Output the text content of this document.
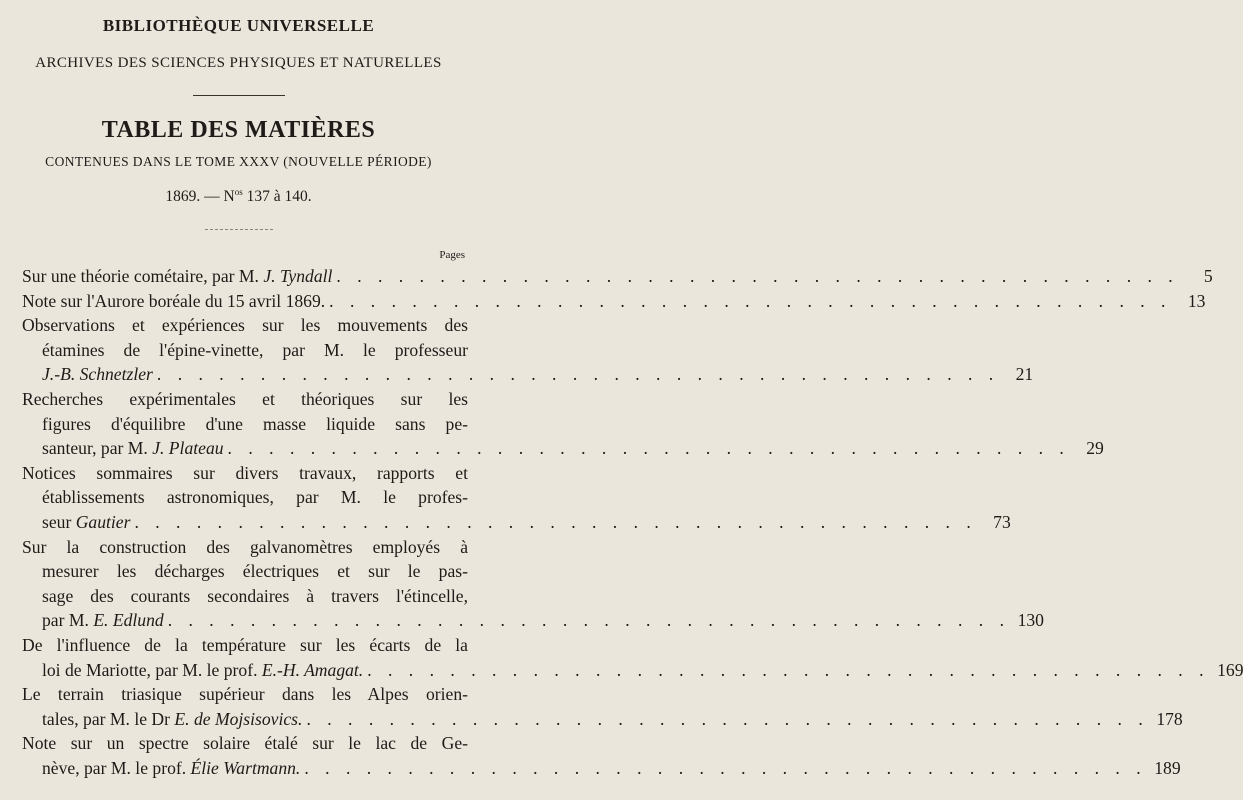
BIBLIOTHÈQUE UNIVERSELLE
ARCHIVES DES SCIENCES PHYSIQUES ET NATURELLES
TABLE DES MATIÈRES
CONTENUES DANS LE TOME XXXV (NOUVELLE PÉRIODE)
1869. — $N^{os}$ 137 à 140.
Pages
Sur une théorie cométaire, par M. J. Tyndall . . . . . . . . . . . . . . . . . . . . . . . . . . . . . . . . . . . . . . . . .	5
Note sur l'Aurore boréale du 15 avril 1869. . . . . . . . . . . . . . . . . . . . . . . . . . . . . . . . . . . . . . . . . . 13
Observations et expériences sur les mouvements des
étamines de l'épine-vinette, par M. le professeur
J.-B. Schnetzler . . . . . . . . . . . . . . . . . . . . . . . . . . . . . . . . . . . . . . . . . 21
Recherches expérimentales et théoriques sur les
figures d'équilibre d'une masse liquide sans pe-
santeur, par M. J. Plateau . . . . . . . . . . . . . . . . . . . . . . . . . . . . . . . . . . . . . . . . . 29
Notices sommaires sur divers travaux, rapports et
établissements astronomiques, par M. le profes-
seur Gautier . . . . . . . . . . . . . . . . . . . . . . . . . . . . . . . . . . . . . . . . . 73
Sur la construction des galvanomètres employés à
mesurer les décharges électriques et sur le pas-
sage des courants secondaires à travers l'étincelle,
par M. E. Edlund . . . . . . . . . . . . . . . . . . . . . . . . . . . . . . . . . . . . . . . . . 130
De l'influence de la température sur les écarts de la
loi de Mariotte, par M. le prof. E.-H. Amagat. . . . . . . . . . . . . . . . . . . . . . . . . . . . . . . . . . . . . . . . . . 169
Le terrain triasique supérieur dans les Alpes orien-
tales, par M. le Dr E. de Mojsisovics. . . . . . . . . . . . . . . . . . . . . . . . . . . . . . . . . . . . . . . . . . 178
Note sur un spectre solaire étalé sur le lac de Ge-
nève, par M. le prof. Élie Wartmann. . . . . . . . . . . . . . . . . . . . . . . . . . . . . . . . . . . . . . . . . . 189
